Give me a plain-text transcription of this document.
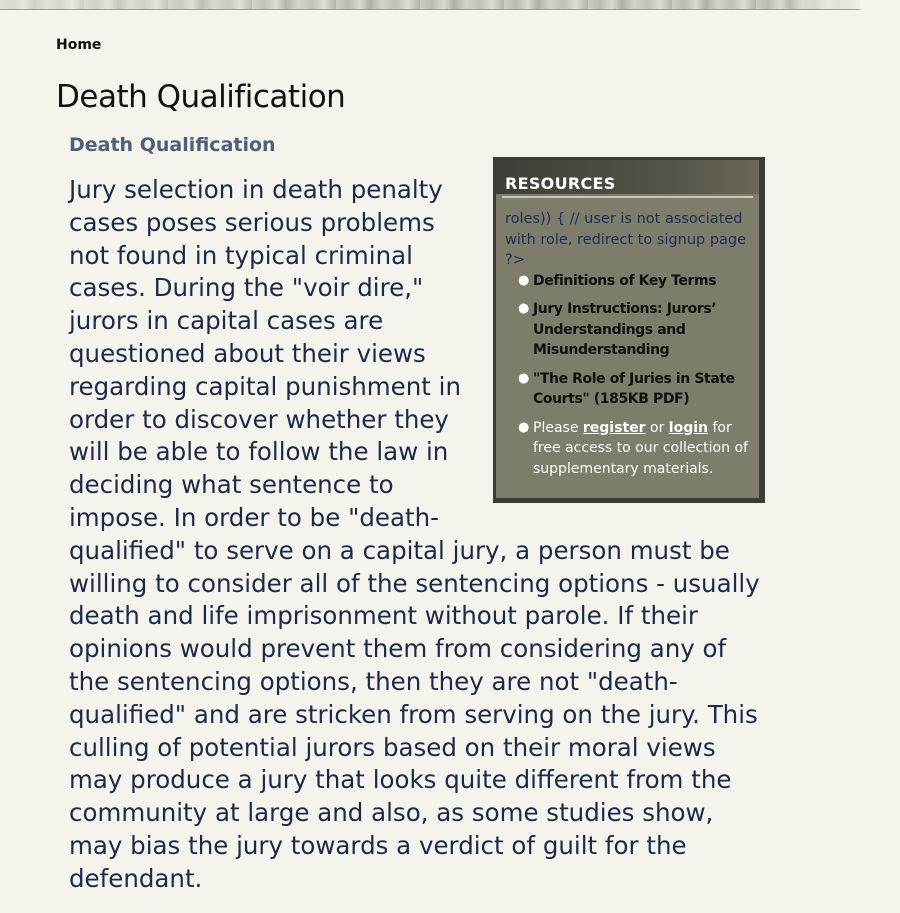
Home
Death Qualification
Death Qualification
RESOURCES
roles)) { // user is not associated with role, redirect to signup page ?>
● Definitions of Key Terms
● Jury Instructions: Jurors’ Understandings and Misunderstanding
● "The Role of Juries in State Courts" (185KB PDF)
● Please register or login for free access to our collection of supplementary materials.
Jury selection in death penalty cases poses serious problems not found in typical criminal cases. During the "voir dire," jurors in capital cases are questioned about their views regarding capital punishment in order to discover whether they will be able to follow the law in deciding what sentence to impose. In order to be "death-qualified" to serve on a capital jury, a person must be willing to consider all of the sentencing options - usually death and life imprisonment without parole. If their opinions would prevent them from considering any of the sentencing options, then they are not "death-qualified" and are stricken from serving on the jury. This culling of potential jurors based on their moral views may produce a jury that looks quite different from the community at large and also, as some studies show, may bias the jury towards a verdict of guilt for the defendant.
